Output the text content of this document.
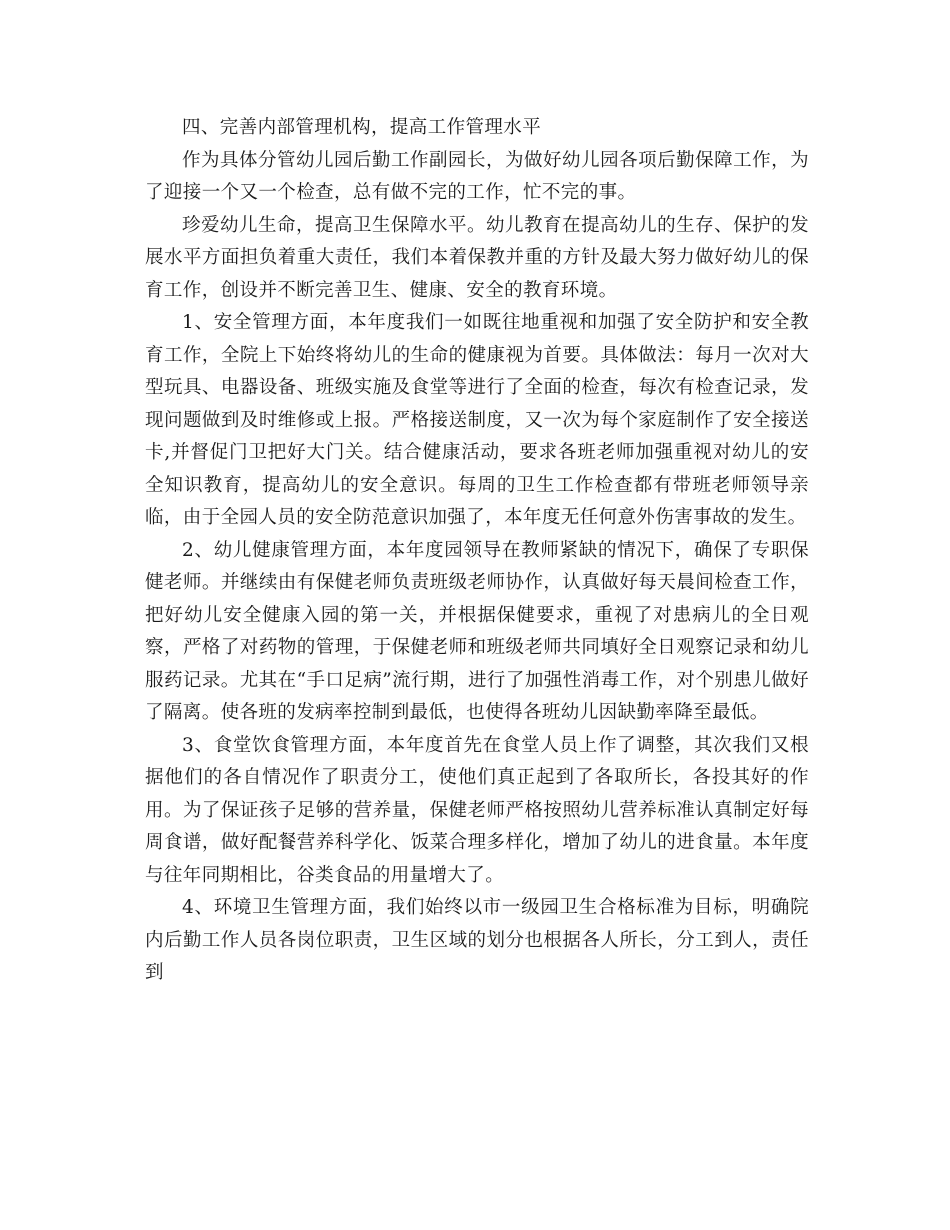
四、完善内部管理机构，提高工作管理水平

作为具体分管幼儿园后勤工作副园长，为做好幼儿园各项后勤保障工作，为了迎接一个又一个检查，总有做不完的工作，忙不完的事。

珍爱幼儿生命，提高卫生保障水平。幼儿教育在提高幼儿的生存、保护的发展水平方面担负着重大责任，我们本着保教并重的方针及最大努力做好幼儿的保育工作，创设并不断完善卫生、健康、安全的教育环境。

1、安全管理方面，本年度我们一如既往地重视和加强了安全防护和安全教育工作，全院上下始终将幼儿的生命的健康视为首要。具体做法：每月一次对大型玩具、电器设备、班级实施及食堂等进行了全面的检查，每次有检查记录，发现问题做到及时维修或上报。严格接送制度，又一次为每个家庭制作了安全接送卡,并督促门卫把好大门关。结合健康活动，要求各班老师加强重视对幼儿的安全知识教育，提高幼儿的安全意识。每周的卫生工作检查都有带班老师领导亲临，由于全园人员的安全防范意识加强了，本年度无任何意外伤害事故的发生。

2、幼儿健康管理方面，本年度园领导在教师紧缺的情况下，确保了专职保健老师。并继续由有保健老师负责班级老师协作，认真做好每天晨间检查工作，把好幼儿安全健康入园的第一关，并根据保健要求，重视了对患病儿的全日观察，严格了对药物的管理，于保健老师和班级老师共同填好全日观察记录和幼儿服药记录。尤其在“手口足病”流行期，进行了加强性消毒工作，对个别患儿做好了隔离。使各班的发病率控制到最低，也使得各班幼儿因缺勤率降至最低。

3、食堂饮食管理方面，本年度首先在食堂人员上作了调整，其次我们又根据他们的各自情况作了职责分工，使他们真正起到了各取所长，各投其好的作用。为了保证孩子足够的营养量，保健老师严格按照幼儿营养标准认真制定好每周食谱，做好配餐营养科学化、饭菜合理多样化，增加了幼儿的进食量。本年度与往年同期相比，谷类食品的用量增大了。

4、环境卫生管理方面，我们始终以市一级园卫生合格标准为目标，明确院内后勤工作人员各岗位职责，卫生区域的划分也根据各人所长，分工到人，责任到
